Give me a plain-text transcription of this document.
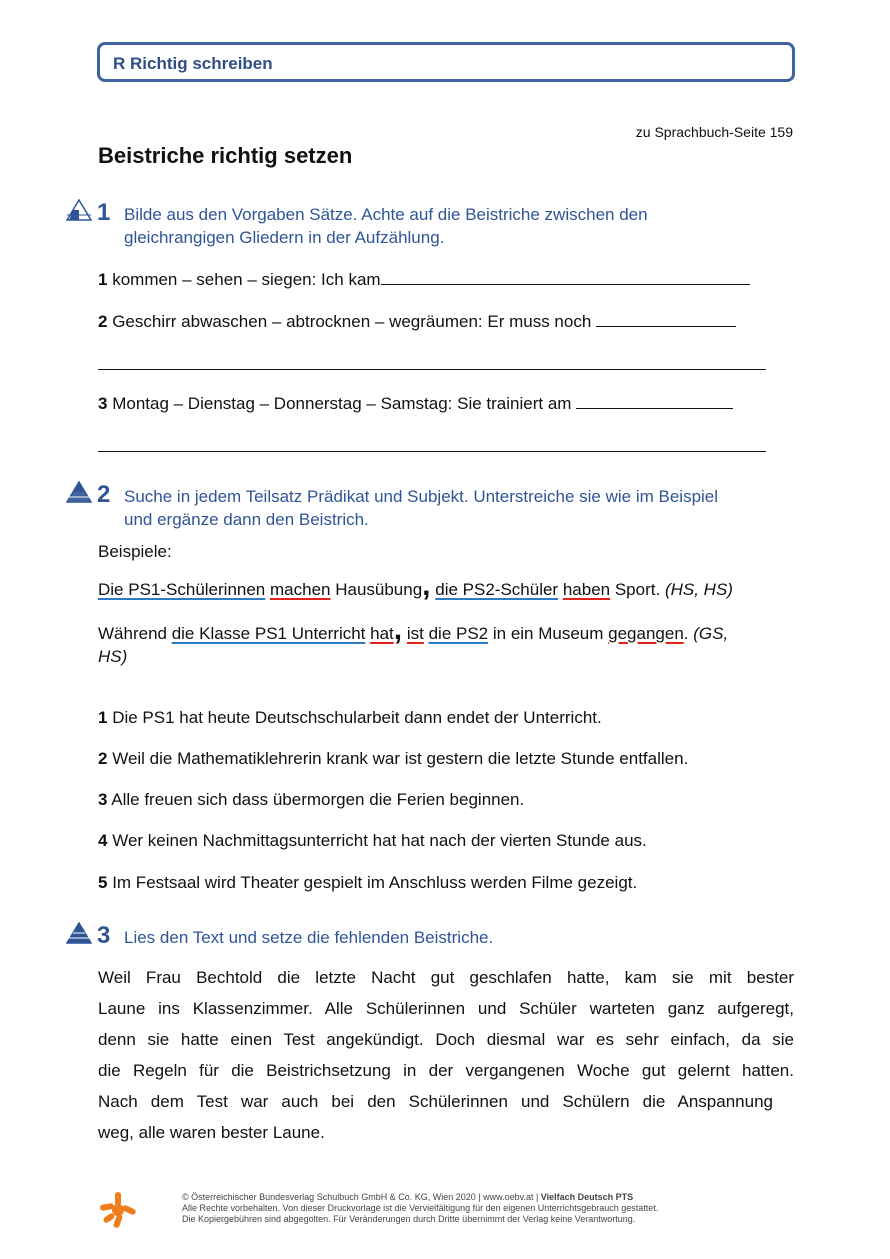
R Richtig schreiben
zu Sprachbuch-Seite 159
Beistriche richtig setzen
1 Bilde aus den Vorgaben Sätze. Achte auf die Beistriche zwischen den
gleichrangigen Gliedern in der Aufzählung.
1 kommen – sehen – siegen: Ich kam
2 Geschirr abwaschen – abtrocknen – wegräumen: Er muss noch
3 Montag – Dienstag – Donnerstag – Samstag: Sie trainiert am
2 Suche in jedem Teilsatz Prädikat und Subjekt. Unterstreiche sie wie im Beispiel
und ergänze dann den Beistrich.
Beispiele:
Die PS1-Schülerinnen machen Hausübung, die PS2-Schüler haben Sport. (HS, HS)
Während die Klasse PS1 Unterricht hat, ist die PS2 in ein Museum gegangen. (GS,
HS)
1 Die PS1 hat heute Deutschschularbeit dann endet der Unterricht.
2 Weil die Mathematiklehrerin krank war ist gestern die letzte Stunde entfallen.
3 Alle freuen sich dass übermorgen die Ferien beginnen.
4 Wer keinen Nachmittagsunterricht hat hat nach der vierten Stunde aus.
5 Im Festsaal wird Theater gespielt im Anschluss werden Filme gezeigt.
3 Lies den Text und setze die fehlenden Beistriche.
Weil Frau Bechtold die letzte Nacht gut geschlafen hatte, kam sie mit bester
Laune ins Klassenzimmer. Alle Schülerinnen und Schüler warteten ganz aufgeregt,
denn sie hatte einen Test angekündigt. Doch diesmal war es sehr einfach, da sie
die Regeln für die Beistrichsetzung in der vergangenen Woche gut gelernt hatten.
Nach dem Test war auch bei den Schülerinnen und Schülern die Anspannung
weg, alle waren bester Laune.
© Österreichischer Bundesverlag Schulbuch GmbH & Co. KG, Wien 2020 | www.oebv.at | Vielfach Deutsch PTS
Alle Rechte vorbehalten. Von dieser Druckvorlage ist die Vervielfältigung für den eigenen Unterrichtsgebrauch gestattet.
Die Kopiergebühren sind abgegolten. Für Veränderungen durch Dritte übernimmt der Verlag keine Verantwortung.
